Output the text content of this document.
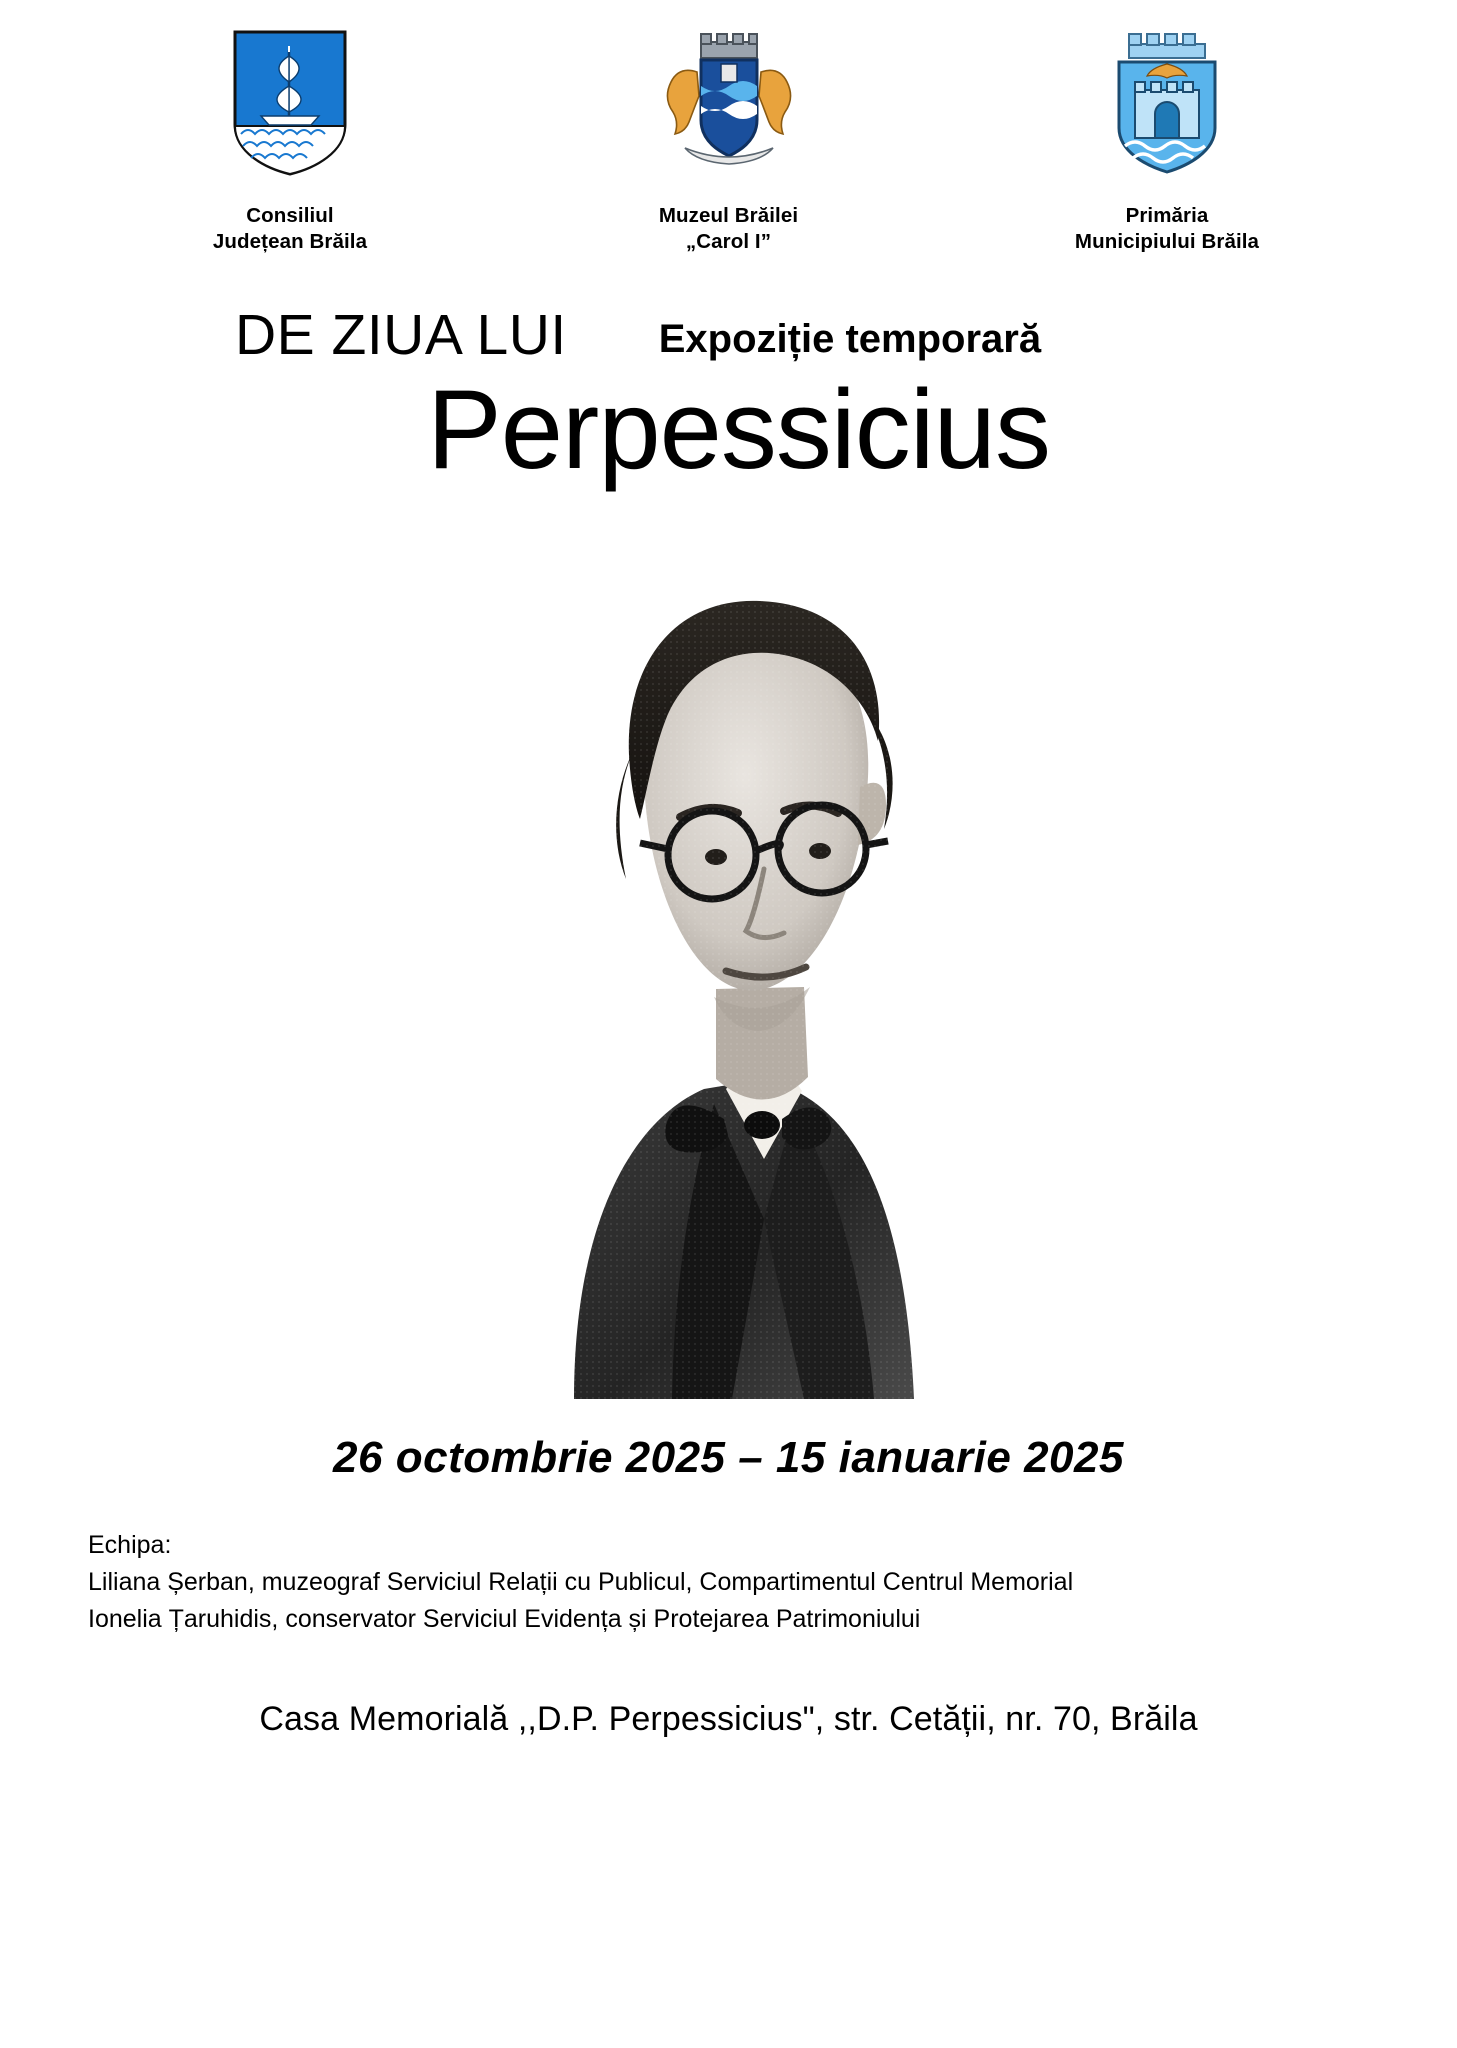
Consiliul
Județean Brăila
Muzeul Brăilei
„Carol I”
Primăria
Municipiului Brăila
DE ZIUA LUI Expoziție temporară
Perpessicius
26 octombrie 2025 – 15 ianuarie 2025
Echipa:
Liliana Șerban, muzeograf Serviciul Relații cu Publicul, Compartimentul Centrul Memorial
Ionelia Țaruhidis, conservator Serviciul Evidența și Protejarea Patrimoniului
Casa Memorială ,,D.P. Perpessicius", str. Cetății, nr. 70, Brăila
